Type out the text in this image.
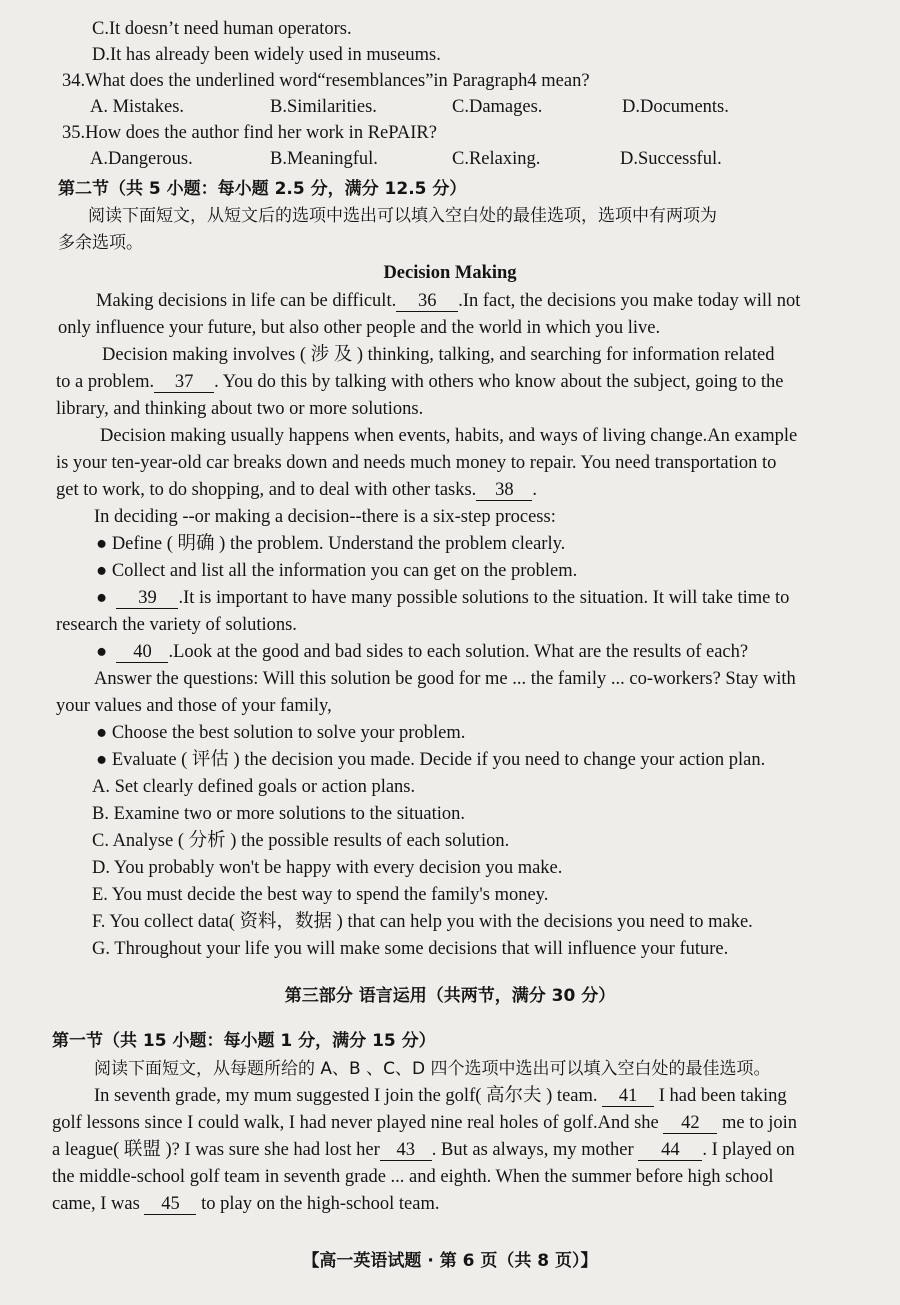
C.It doesn’t need human operators.
D.It has already been widely used in museums.
34.What does the underlined word“resemblances”in Paragraph4 mean?
A. Mistakes.	B.Similarities.	C.Damages.	D.Documents.
35.How does the author find her work in RePAIR?
A.Dangerous.	B.Meaningful.	C.Relaxing.	D.Successful.
第二节（共 5 小题：每小题 2.5 分，满分 12.5 分）
阅读下面短文，从短文后的选项中选出可以填入空白处的最佳选项，选项中有两项为
多余选项。
Decision Making
Making decisions in life can be difficult. 36 .In fact, the decisions you make today will not
only influence your future, but also other people and the world in which you live.
Decision making involves ( 涉 及 ) thinking, talking, and searching for information related
to a problem. 37 . You do this by talking with others who know about the subject, going to the
library, and thinking about two or more solutions.
Decision making usually happens when events, habits, and ways of living change.An example
is your ten-year-old car breaks down and needs much money to repair. You need transportation to
get to work, to do shopping, and to deal with other tasks. 38 .
In deciding --or making a decision--there is a six-step process:
● Define ( 明确 ) the problem. Understand the problem clearly.
● Collect and list all the information you can get on the problem.
●  39 .It is important to have many possible solutions to the situation. It will take time to
research the variety of solutions.
●  40 .Look at the good and bad sides to each solution. What are the results of each?
Answer the questions: Will this solution be good for me ... the family ... co-workers? Stay with
your values and those of your family,
● Choose the best solution to solve your problem.
● Evaluate ( 评估 ) the decision you made. Decide if you need to change your action plan.
A. Set clearly defined goals or action plans.
B. Examine two or more solutions to the situation.
C. Analyse ( 分析 ) the possible results of each solution.
D. You probably won't be happy with every decision you make.
E. You must decide the best way to spend the family's money.
F. You collect data( 资料，数据 ) that can help you with the decisions you need to make.
G. Throughout your life you will make some decisions that will influence your future.
第三部分 语言运用（共两节，满分 30 分）
第一节（共 15 小题：每小题 1 分，满分 15 分）
阅读下面短文，从每题所给的 A、B 、C、D 四个选项中选出可以填入空白处的最佳选项。
In seventh grade, my mum suggested I join the golf( 高尔夫 ) team. 41 I had been taking
golf lessons since I could walk, I had never played nine real holes of golf.And she 42 me to join
a league( 联盟 )? I was sure she had lost her 43 . But as always, my mother 44 . I played on
the middle-school golf team in seventh grade ... and eighth. When the summer before high school
came, I was 45 to play on the high-school team.
【高一英语试题 · 第 6 页（共 8 页）】
